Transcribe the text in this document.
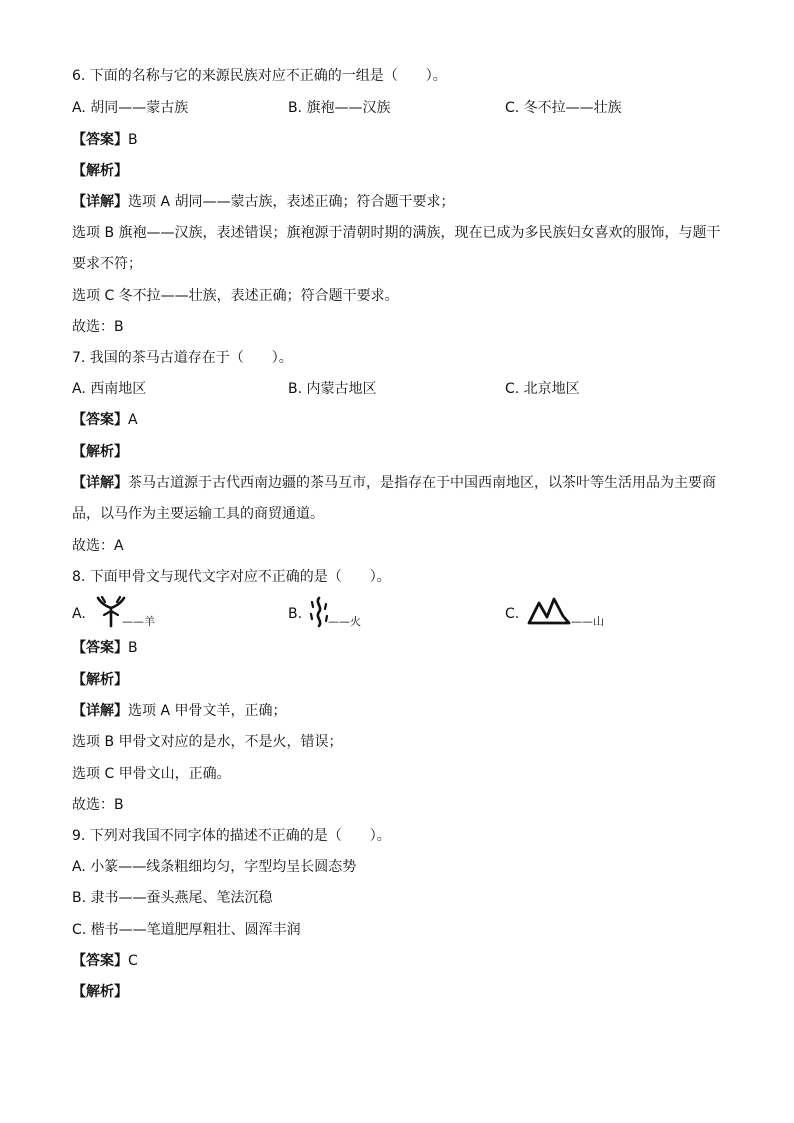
6. 下面的名称与它的来源民族对应不正确的一组是（　　）。
A. 胡同——蒙古族	B. 旗袍——汉族	C. 冬不拉——壮族
【答案】B
【解析】
【详解】选项 A 胡同——蒙古族，表述正确；符合题干要求；
选项 B 旗袍——汉族，表述错误；旗袍源于清朝时期的满族，现在已成为多民族妇女喜欢的服饰，与题干
要求不符；
选项 C 冬不拉——壮族，表述正确；符合题干要求。
故选：B
7. 我国的茶马古道存在于（　　）。
A. 西南地区	B. 内蒙古地区	C. 北京地区
【答案】A
【解析】
【详解】茶马古道源于古代西南边疆的茶马互市，是指存在于中国西南地区，以茶叶等生活用品为主要商
品，以马作为主要运输工具的商贸通道。
故选：A
8. 下面甲骨文与现代文字对应不正确的是（　　）。
A.	——羊	B. ——火	C.	——山
【答案】B
【解析】
【详解】选项 A 甲骨文羊，正确；
选项 B 甲骨文对应的是水，不是火，错误；
选项 C 甲骨文山，正确。
故选：B
9. 下列对我国不同字体的描述不正确的是（　　）。
A. 小篆——线条粗细均匀，字型均呈长圆态势
B. 隶书——蚕头燕尾、笔法沉稳
C. 楷书——笔道肥厚粗壮、圆浑丰润
【答案】C
【解析】
